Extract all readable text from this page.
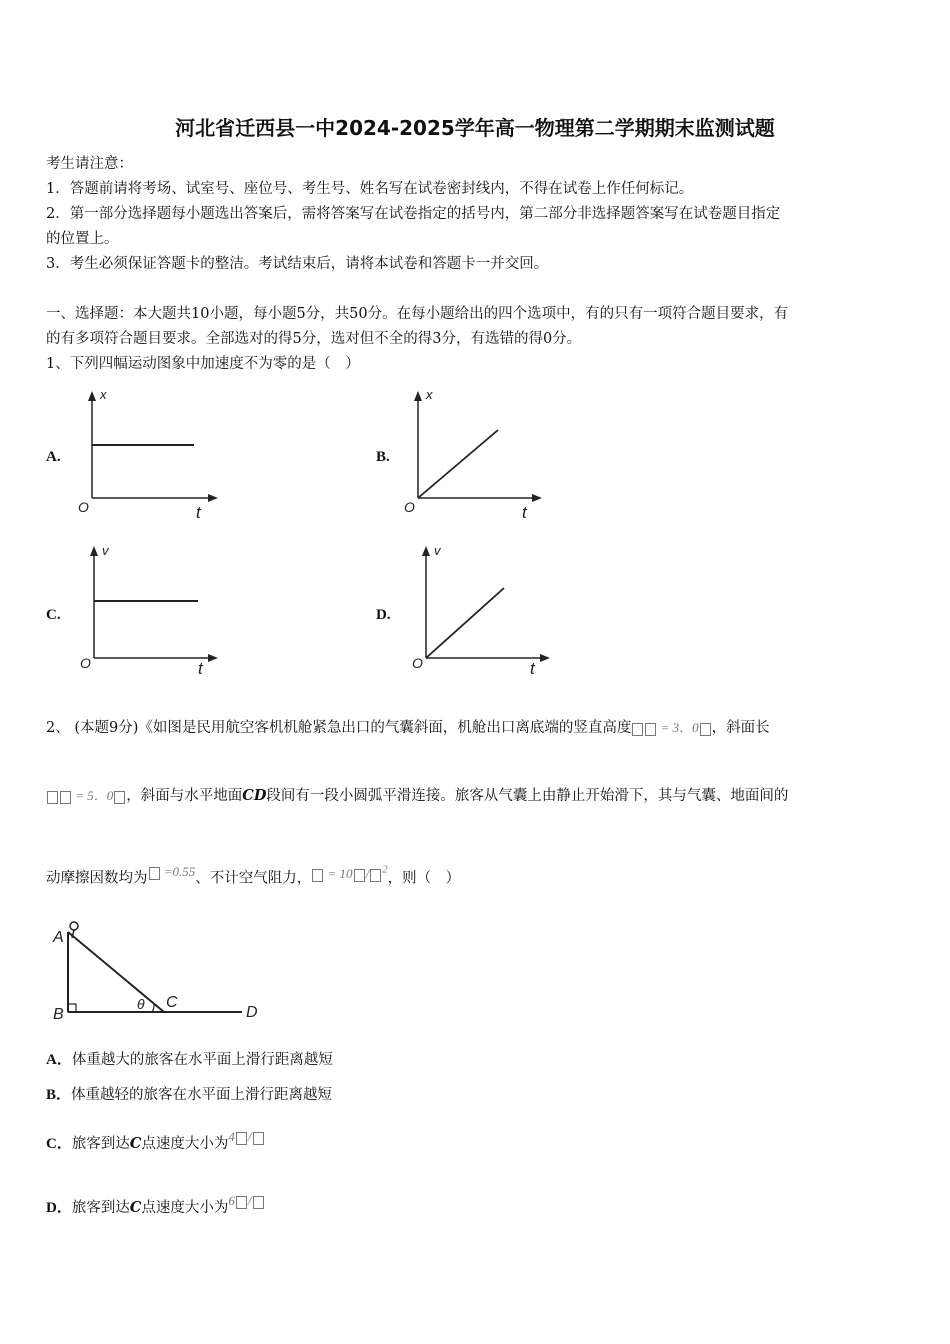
河北省迁西县一中2024-2025学年高一物理第二学期期末监测试题
考生请注意：
1．答题前请将考场、试室号、座位号、考生号、姓名写在试卷密封线内，不得在试卷上作任何标记。
2．第一部分选择题每小题选出答案后，需将答案写在试卷指定的括号内，第二部分非选择题答案写在试卷题目指定
的位置上。
3．考生必须保证答题卡的整洁。考试结束后，请将本试卷和答题卡一并交回。
一、选择题：本大题共10小题，每小题5分，共50分。在每小题给出的四个选项中，有的只有一项符合题目要求，有
的有多项符合题目要求。全部选对的得5分，选对但不全的得3分，有选错的得0分。
1、下列四幅运动图象中加速度不为零的是（　）
A.
x
O	t
B.
x
O	t
C.
v
O	t
D.
v
O	t
2、 (本题9分)《如图是民用航空客机机舱紧急出口的气囊斜面，机舱出口离底端的竖直高度 = 3．0 ，斜面长
= 5．0 ，斜面与水平地面CD段间有一段小圆弧平滑连接。旅客从气囊上由静止开始滑下，其与气囊、地面间的
动摩擦因数均为 =0.55、不计空气阻力， = 10 / $^2$，则（　）
A
B
C
D
θ
A．体重越大的旅客在水平面上滑行距离越短
B．体重越轻的旅客在水平面上滑行距离越短
C．旅客到达C点速度大小为4 /
D．旅客到达C点速度大小为6 /
